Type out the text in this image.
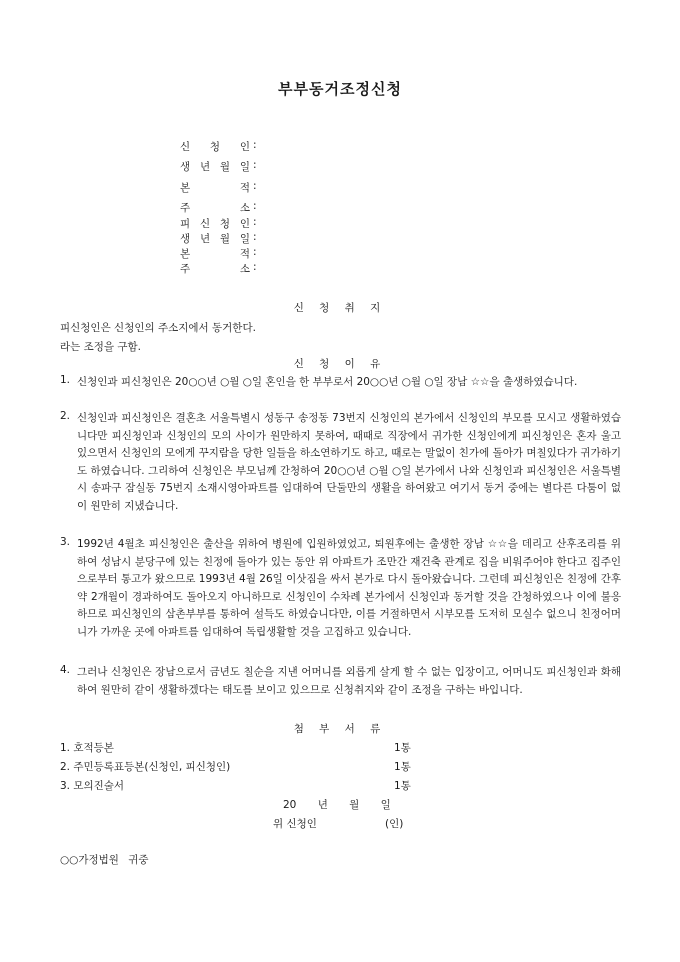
부부동거조정신청
신 청 인 :
생 년 월 일 :
본 적 :
주 소 :
피 신 청 인 :
생 년 월 일 :
본 적 :
주 소 :
신 청 취 지
피신청인은 신청인의 주소지에서 동거한다.
라는 조정을 구함.
신 청 이 유
1. 신청인과 피신청인은 20○○년 ○월 ○일 혼인을 한 부부로서 20○○년 ○월 ○일 장남 ☆☆을 출생하였습니다.
2. 신청인과 피신청인은 결혼초 서울특별시 성동구 송정동 73번지 신청인의 본가에서 신청인의 부모를 모시고 생활하였습니다만 피신청인과 신청인의 모의 사이가 원만하지 못하여, 때때로 직장에서 귀가한 신청인에게 피신청인은 혼자 울고 있으면서 신청인의 모에게 꾸지람을 당한 일들을 하소연하기도 하고, 때로는 말없이 친가에 돌아가 며칠있다가 귀가하기도 하였습니다. 그리하여 신청인은 부모님께 간청하여 20○○년 ○월 ○일 본가에서 나와 신청인과 피신청인은 서울특별시 송파구 잠실동 75번지 소재시영아파트를 임대하여 단둘만의 생활을 하여왔고 여기서 동거 중에는 별다른 다툼이 없이 원만히 지냈습니다.
3. 1992년 4월초 피신청인은 출산을 위하여 병원에 입원하였었고, 퇴원후에는 출생한 장남 ☆☆을 데리고 산후조리를 위하여 성남시 분당구에 있는 친정에 돌아가 있는 동안 위 아파트가 조만간 재건축 관계로 집을 비워주어야 한다고 집주인으로부터 통고가 왔으므로 1993년 4월 26일 이삿짐을 싸서 본가로 다시 돌아왔습니다. 그런데 피신청인은 친정에 간후 약 2개월이 경과하여도 돌아오지 아니하므로 신청인이 수차례 본가에서 신청인과 동거할 것을 간청하였으나 이에 불응하므로 피신청인의 삼촌부부를 통하여 설득도 하였습니다만, 이를 거절하면서 시부모를 도저히 모실수 없으니 친정어머니가 가까운 곳에 아파트를 임대하여 독립생활할 것을 고집하고 있습니다.
4. 그러나 신청인은 장남으로서 금년도 칠순을 지낸 어머니를 외롭게 살게 할 수 없는 입장이고, 어머니도 피신청인과 화해하여 원만히 같이 생활하겠다는 태도를 보이고 있으므로 신청취지와 같이 조정을 구하는 바입니다.
첨 부 서 류
1. 호적등본	1통
2. 주민등록표등본(신청인, 피신청인)	1통
3. 모의진술서	1통
20 년 월 일
위 신청인	(인)
○○가정법원 귀중
